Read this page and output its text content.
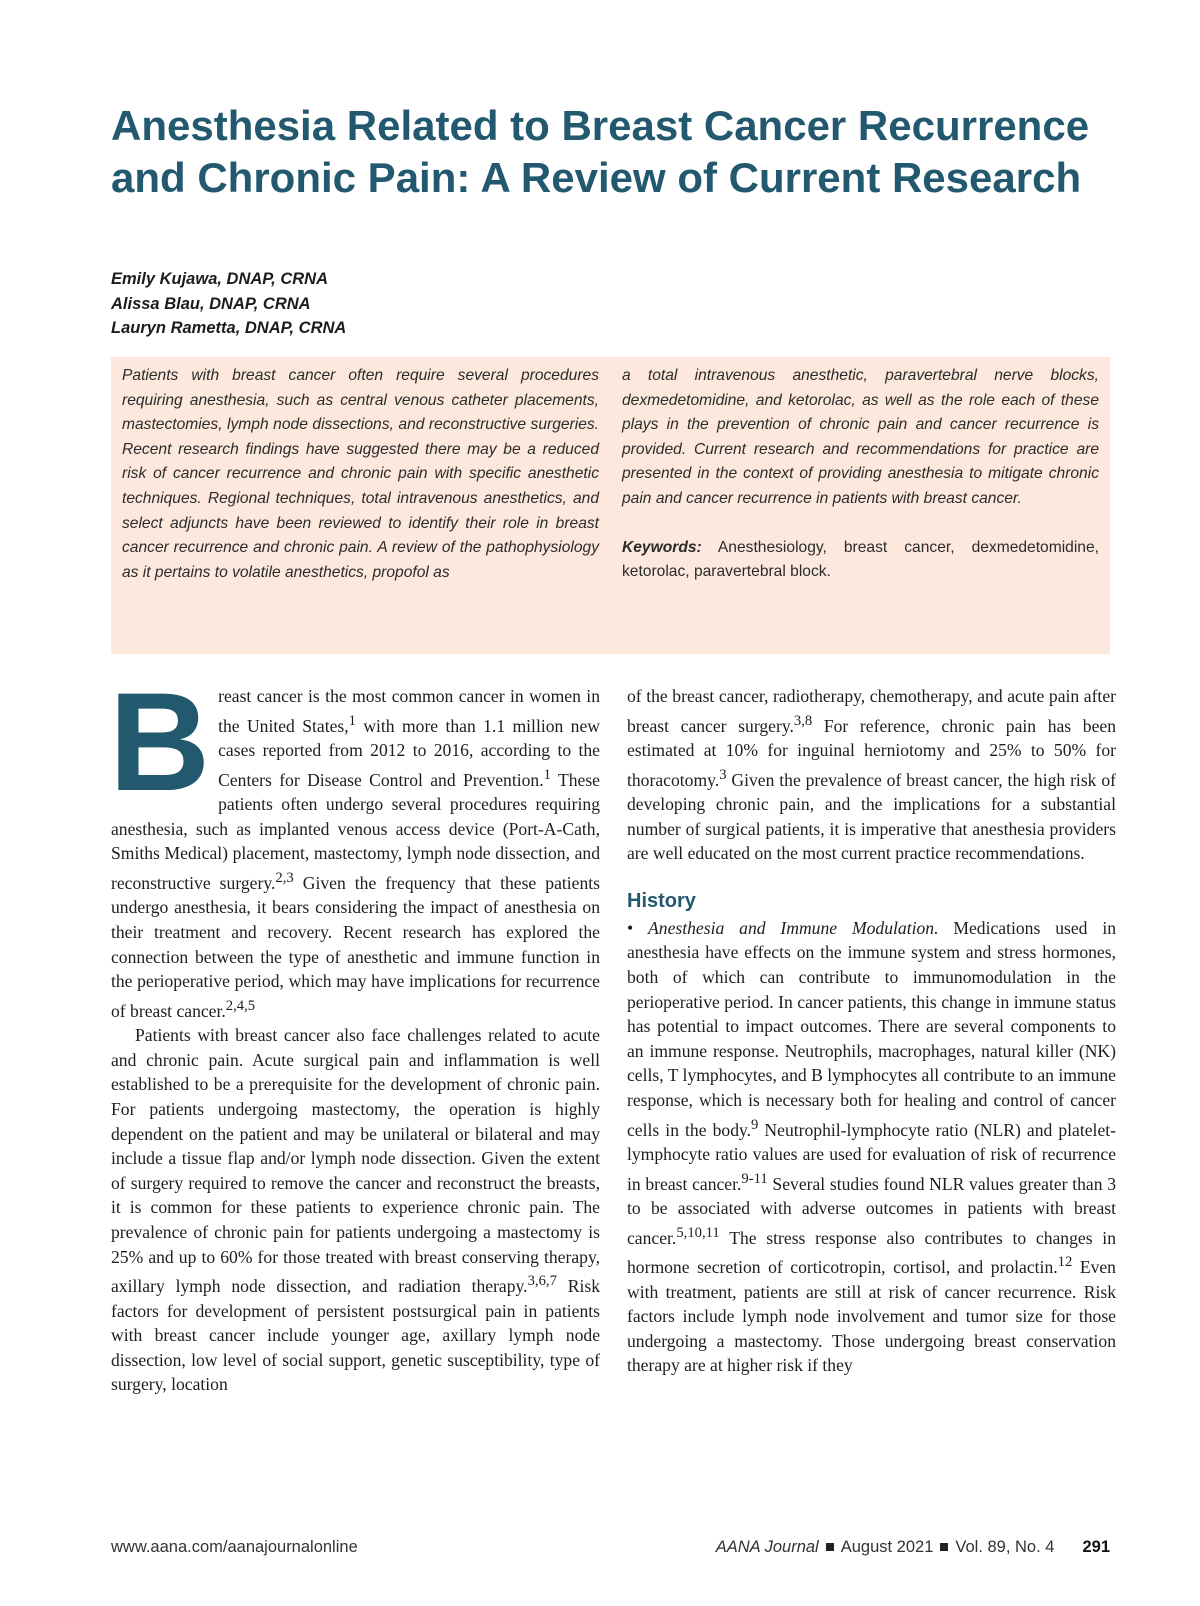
Anesthesia Related to Breast Cancer Recurrence and Chronic Pain: A Review of Current Research
Emily Kujawa, DNAP, CRNA
Alissa Blau, DNAP, CRNA
Lauryn Rametta, DNAP, CRNA

Patients with breast cancer often require several procedures requiring anesthesia, such as central venous catheter placements, mastectomies, lymph node dissections, and reconstructive surgeries. Recent research findings have suggested there may be a reduced risk of cancer recurrence and chronic pain with specific anesthetic techniques. Regional techniques, total intravenous anesthetics, and select adjuncts have been reviewed to identify their role in breast cancer recurrence and chronic pain. A review of the pathophysiology as it pertains to volatile anesthetics, propofol as

a total intravenous anesthetic, paravertebral nerve blocks, dexmedetomidine, and ketorolac, as well as the role each of these plays in the prevention of chronic pain and cancer recurrence is provided. Current research and recommendations for practice are presented in the context of providing anesthesia to mitigate chronic pain and cancer recurrence in patients with breast cancer.

Keywords: Anesthesiology, breast cancer, dexmedetomidine, ketorolac, paravertebral block.

Breast cancer is the most common cancer in women in the United States,$^1$ with more than 1.1 million new cases reported from 2012 to 2016, according to the Centers for Disease Control and Prevention.$^1$ These patients often undergo several procedures requiring anesthesia, such as implanted venous access device (Port-A-Cath, Smiths Medical) placement, mastectomy, lymph node dissection, and reconstructive surgery.$^{2,3}$ Given the frequency that these patients undergo anesthesia, it bears considering the impact of anesthesia on their treatment and recovery. Recent research has explored the connection between the type of anesthetic and immune function in the perioperative period, which may have implications for recurrence of breast cancer.$^{2,4,5}$

Patients with breast cancer also face challenges related to acute and chronic pain. Acute surgical pain and inflammation is well established to be a prerequisite for the development of chronic pain. For patients undergoing mastectomy, the operation is highly dependent on the patient and may be unilateral or bilateral and may include a tissue flap and/or lymph node dissection. Given the extent of surgery required to remove the cancer and reconstruct the breasts, it is common for these patients to experience chronic pain. The prevalence of chronic pain for patients undergoing a mastectomy is 25% and up to 60% for those treated with breast conserving therapy, axillary lymph node dissection, and radiation therapy.$^{3,6,7}$ Risk factors for development of persistent postsurgical pain in patients with breast cancer include younger age, axillary lymph node dissection, low level of social support, genetic susceptibility, type of surgery, location

of the breast cancer, radiotherapy, chemotherapy, and acute pain after breast cancer surgery.$^{3,8}$ For reference, chronic pain has been estimated at 10% for inguinal herniotomy and 25% to 50% for thoracotomy.$^3$ Given the prevalence of breast cancer, the high risk of developing chronic pain, and the implications for a substantial number of surgical patients, it is imperative that anesthesia providers are well educated on the most current practice recommendations.

History

• Anesthesia and Immune Modulation. Medications used in anesthesia have effects on the immune system and stress hormones, both of which can contribute to immunomodulation in the perioperative period. In cancer patients, this change in immune status has potential to impact outcomes. There are several components to an immune response. Neutrophils, macrophages, natural killer (NK) cells, T lymphocytes, and B lymphocytes all contribute to an immune response, which is necessary both for healing and control of cancer cells in the body.$^9$ Neutrophil-lymphocyte ratio (NLR) and platelet-lymphocyte ratio values are used for evaluation of risk of recurrence in breast cancer.$^{9-11}$ Several studies found NLR values greater than 3 to be associated with adverse outcomes in patients with breast cancer.$^{5,10,11}$ The stress response also contributes to changes in hormone secretion of corticotropin, cortisol, and prolactin.$^{12}$ Even with treatment, patients are still at risk of cancer recurrence. Risk factors include lymph node involvement and tumor size for those undergoing a mastectomy. Those undergoing breast conservation therapy are at higher risk if they

www.aana.com/aanajournalonline	AANA Journal August 2021 Vol. 89, No. 4 291
